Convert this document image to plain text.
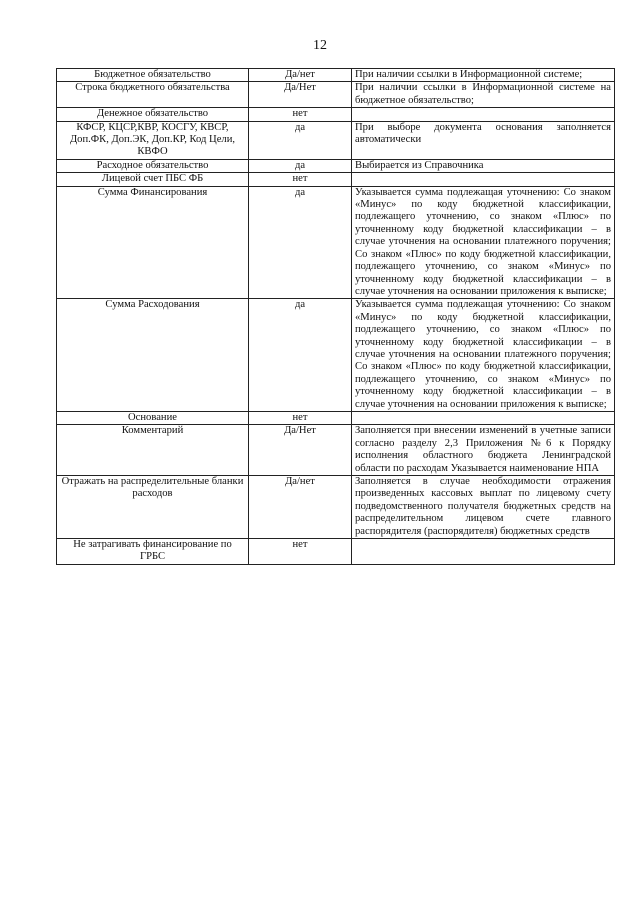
12
Бюджетное обязательство	Да/нет	При наличии ссылки в Информационной системе;
Строка бюджетного обязательства	Да/Нет	При наличии ссылки в Информационной системе на бюджетное обязательство;
Денежное обязательство	нет	
КФСР, КЦСР,КВР, КОСГУ, КВСР, Доп.ФК, Доп.ЭК, Доп.КР, Код Цели, КВФО	да	При выборе документа основания заполняется автоматически
Расходное обязательство	да	Выбирается из Справочника
Лицевой счет ПБС ФБ	нет	
Сумма Финансирования	да	Указывается сумма подлежащая уточнению: Со знаком «Минус» по коду бюджетной классификации, подлежащего уточнению, со знаком «Плюс» по уточненному коду бюджетной классификации – в случае уточнения на основании платежного поручения; Со знаком «Плюс» по коду бюджетной классификации, подлежащего уточнению, со знаком «Минус» по уточненному коду бюджетной классификации – в случае уточнения на основании приложения к выписке;
Сумма Расходования	да	Указывается сумма подлежащая уточнению: Со знаком «Минус» по коду бюджетной классификации, подлежащего уточнению, со знаком «Плюс» по уточненному коду бюджетной классификации – в случае уточнения на основании платежного поручения; Со знаком «Плюс» по коду бюджетной классификации, подлежащего уточнению, со знаком «Минус» по уточненному коду бюджетной классификации – в случае уточнения на основании приложения к выписке;
Основание	нет	
Комментарий	Да/Нет	Заполняется при внесении изменений в учетные записи согласно разделу 2,3 Приложения №6 к Порядку исполнения областного бюджета Ленинградской области по расходам Указывается наименование НПА
Отражать на распределительные бланки расходов	Да/нет	Заполняется в случае необходимости отражения произведенных кассовых выплат по лицевому счету подведомственного получателя бюджетных средств на распределительном лицевом счете главного распорядителя (распорядителя) бюджетных средств
Не затрагивать финансирование по ГРБС	нет	
